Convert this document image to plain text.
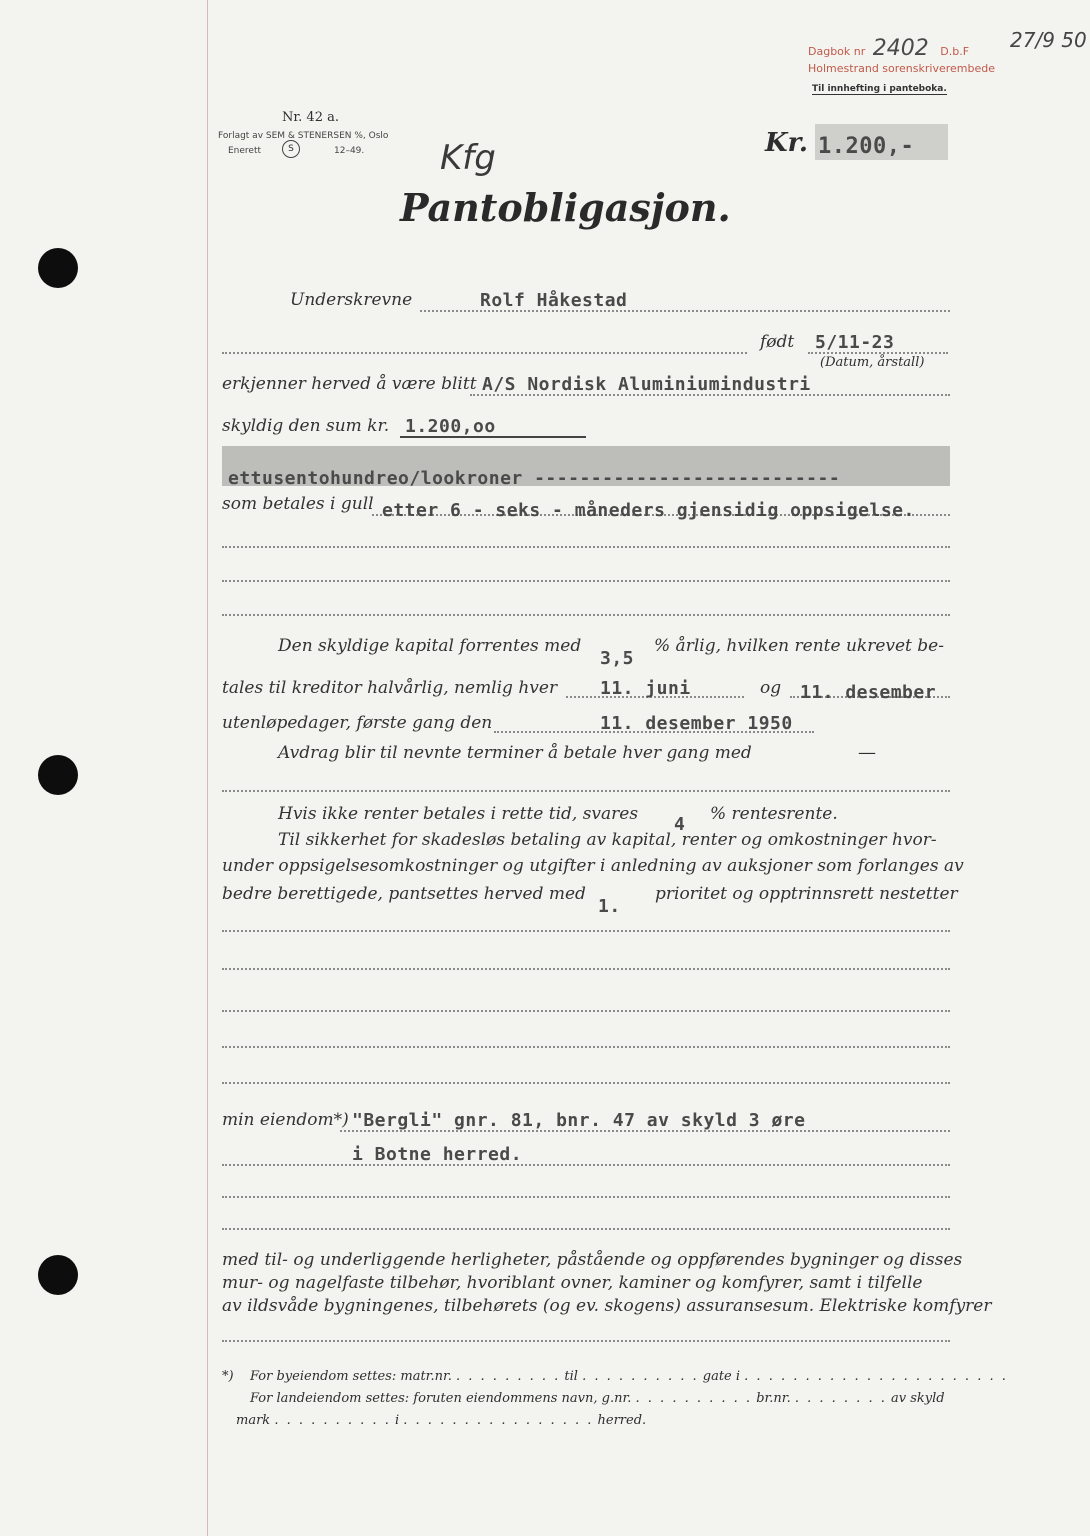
Dagbok nr 2402 D.b.F 27/9 50
Holmestrand sorenskriverembede
Til innhefting i panteboka.
Nr. 42 a.
Forlagt av SEM & STENERSEN %, Oslo
Enerett	S	12–49. Kfg	Kr. 1.200,-
Pantobligasjon.
Underskrevne	Rolf Håkestad
født 5/11-23
(Datum, årstall)
erkjenner herved å være blitt A/S Nordisk Aluminiumindustri
skyldig den sum kr. 1.200,oo
ettusentohundreo/lookroner ---------------------------
som betales i gull etter 6 - seks - måneders gjensidig oppsigelse.
Den skyldige kapital forrentes med
3,5
% årlig, hvilken rente ukrevet be-
tales til kreditor halvårlig, nemlig hver 11. juni	og 11. desember
utenløpedager, første gang den	11. desember 1950
Avdrag blir til nevnte terminer å betale hver gang med	—
Hvis ikke renter betales i rette tid, svares 4 % rentesrente.
Til sikkerhet for skadesløs betaling av kapital, renter og omkostninger hvor-
under oppsigelsesomkostninger og utgifter i anledning av auksjoner som forlanges av
bedre berettigede, pantsettes herved med
1.
prioritet og opptrinnsrett nestetter
min eiendom*) "Bergli" gnr. 81, bnr. 47 av skyld 3 øre
i Botne herred.
med til- og underliggende herligheter, påstående og oppførendes bygninger og disses
mur- og nagelfaste tilbehør, hvoriblant ovner, kaminer og komfyrer, samt i tilfelle
av ildsvåde bygningenes, tilbehørets (og ev. skogens) assuransesum. Elektriske komfyrer
*) For byeiendom settes: matr.nr. . . . . . . . . . til . . . . . . . . . . gate i . . . . . . . . . . . . . . . . . . . . . .
For landeiendom settes: foruten eiendommens navn, g.nr. . . . . . . . . . . br.nr. . . . . . . . . av skyld
mark . . . . . . . . . . i . . . . . . . . . . . . . . . . herred.
